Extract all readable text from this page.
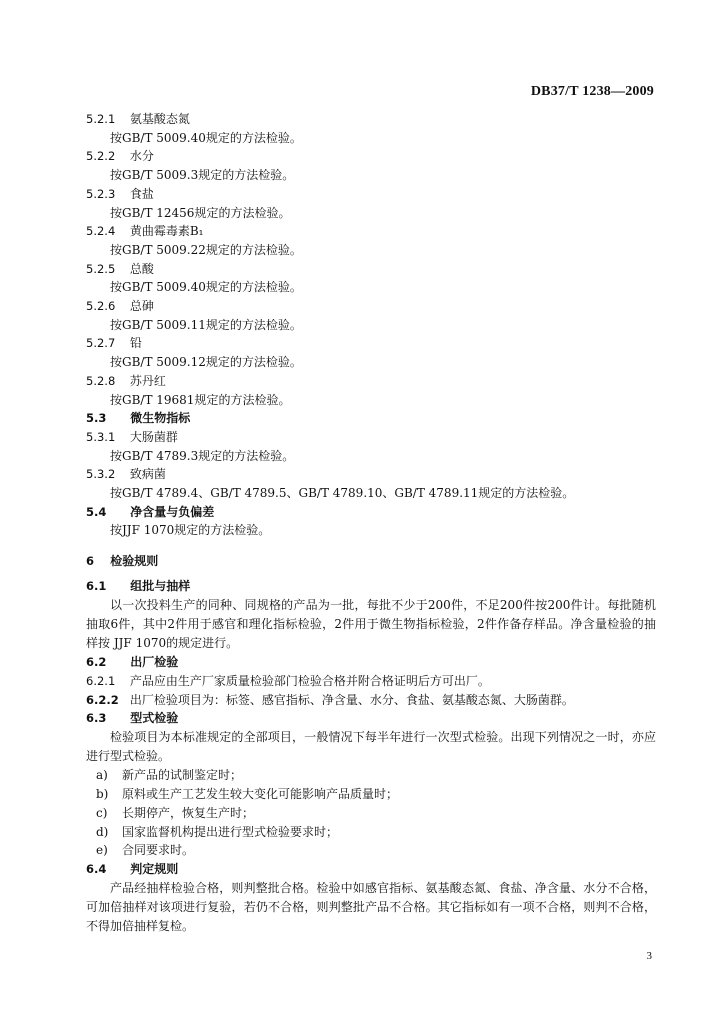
DB37/T 1238—2009
5.2.1 氨基酸态氮
按GB/T 5009.40规定的方法检验。
5.2.2 水分
按GB/T 5009.3规定的方法检验。
5.2.3 食盐
按GB/T 12456规定的方法检验。
5.2.4 黄曲霉毒素B₁
按GB/T 5009.22规定的方法检验。
5.2.5 总酸
按GB/T 5009.40规定的方法检验。
5.2.6 总砷
按GB/T 5009.11规定的方法检验。
5.2.7 铅
按GB/T 5009.12规定的方法检验。
5.2.8 苏丹红
按GB/T 19681规定的方法检验。
5.3 微生物指标
5.3.1 大肠菌群
按GB/T 4789.3规定的方法检验。
5.3.2 致病菌
按GB/T 4789.4、GB/T 4789.5、GB/T 4789.10、GB/T 4789.11规定的方法检验。
5.4 净含量与负偏差
按JJF 1070规定的方法检验。
6 检验规则
6.1 组批与抽样
以一次投料生产的同种、同规格的产品为一批，每批不少于200件，不足200件按200件计。每批随机抽取6件，其中2件用于感官和理化指标检验，2件用于微生物指标检验，2件作备存样品。净含量检验的抽样按 JJF 1070的规定进行。
6.2 出厂检验
6.2.1 产品应由生产厂家质量检验部门检验合格并附合格证明后方可出厂。
6.2.2 出厂检验项目为：标签、感官指标、净含量、水分、食盐、氨基酸态氮、大肠菌群。
6.3 型式检验
检验项目为本标准规定的全部项目，一般情况下每半年进行一次型式检验。出现下列情况之一时，亦应进行型式检验。
a) 新产品的试制鉴定时；
b) 原料或生产工艺发生较大变化可能影响产品质量时；
c) 长期停产，恢复生产时；
d) 国家监督机构提出进行型式检验要求时；
e) 合同要求时。
6.4 判定规则
产品经抽样检验合格，则判整批合格。检验中如感官指标、氨基酸态氮、食盐、净含量、水分不合格，可加倍抽样对该项进行复验，若仍不合格，则判整批产品不合格。其它指标如有一项不合格，则判不合格，不得加倍抽样复检。
3
